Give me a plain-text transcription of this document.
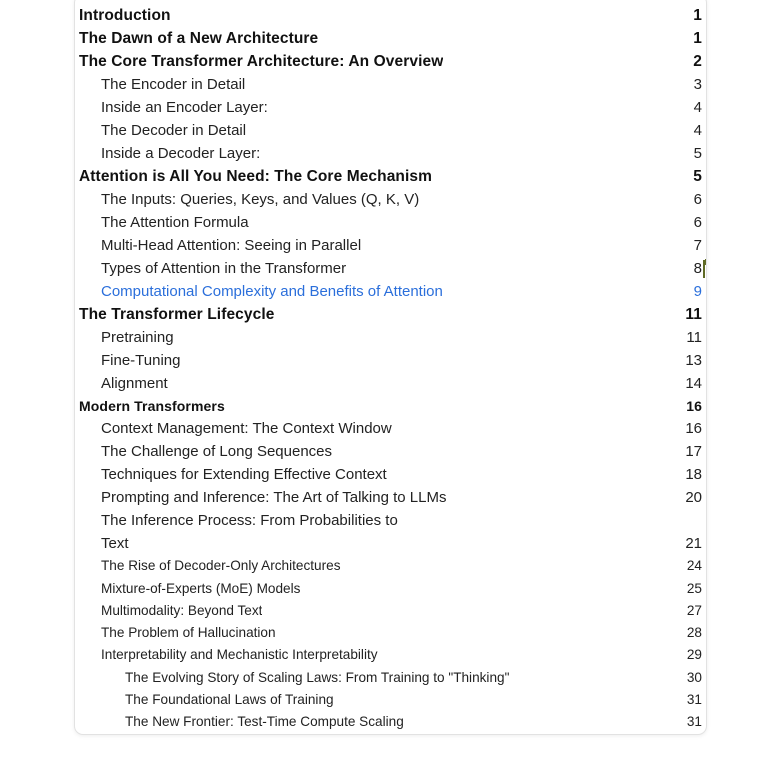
Introduction	1
The Dawn of a New Architecture	1
The Core Transformer Architecture: An Overview	2
The Encoder in Detail	3
Inside an Encoder Layer:	4
The Decoder in Detail	4
Inside a Decoder Layer:	5
Attention is All You Need: The Core Mechanism	5
The Inputs: Queries, Keys, and Values (Q, K, V)	6
The Attention Formula	6
Multi-Head Attention: Seeing in Parallel	7
Types of Attention in the Transformer	8
Computational Complexity and Benefits of Attention	9
The Transformer Lifecycle	11
Pretraining	11
Fine-Tuning	13
Alignment	14
Modern Transformers	16
Context Management: The Context Window	16
The Challenge of Long Sequences	17
Techniques for Extending Effective Context	18
Prompting and Inference: The Art of Talking to LLMs	20
The Inference Process: From Probabilities to
Text	21
The Rise of Decoder-Only Architectures	24
Mixture-of-Experts (MoE) Models	25
Multimodality: Beyond Text	27
The Problem of Hallucination	28
Interpretability and Mechanistic Interpretability	29
The Evolving Story of Scaling Laws: From Training to "Thinking"	30
The Foundational Laws of Training	31
The New Frontier: Test-Time Compute Scaling	31
